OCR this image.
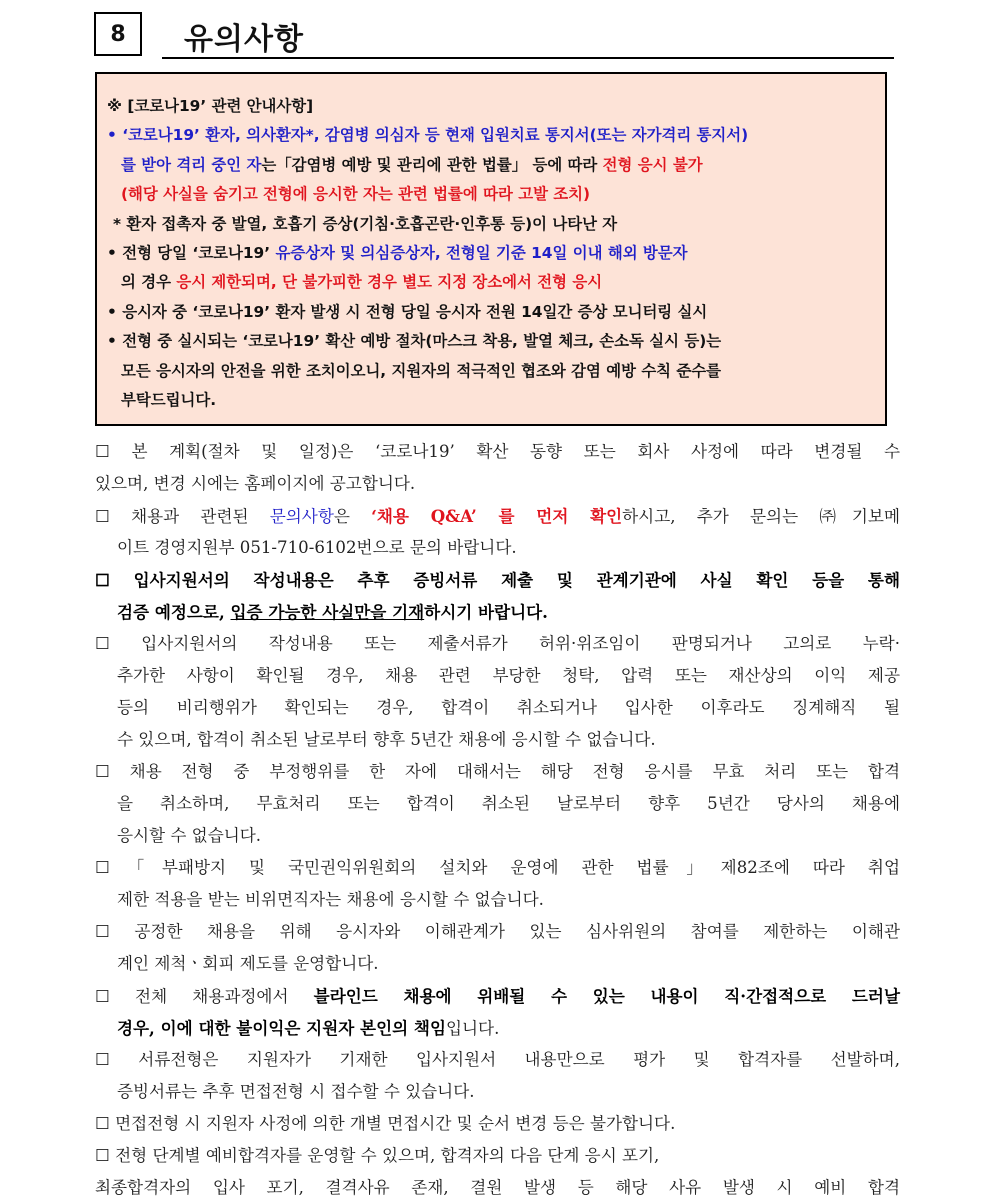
8	유의사항
※ [코로나19’ 관련 안내사항]
• ‘코로나19’ 환자, 의사환자*, 감염병 의심자 등 현재 입원치료 통지서(또는 자가격리 통지서)
를 받아 격리 중인 자는「감염병 예방 및 관리에 관한 법률」 등에 따라 전형 응시 불가
(해당 사실을 숨기고 전형에 응시한 자는 관련 법률에 따라 고발 조치)
* 환자 접촉자 중 발열, 호흡기 증상(기침·호흡곤란·인후통 등)이 나타난 자
• 전형 당일 ‘코로나19’ 유증상자 및 의심증상자, 전형일 기준 14일 이내 해외 방문자
의 경우 응시 제한되며, 단 불가피한 경우 별도 지정 장소에서 전형 응시
• 응시자 중 ‘코로나19’ 환자 발생 시 전형 당일 응시자 전원 14일간 증상 모니터링 실시
• 전형 중 실시되는 ‘코로나19’ 확산 예방 절차(마스크 착용, 발열 체크, 손소독 실시 등)는
모든 응시자의 안전을 위한 조치이오니, 지원자의 적극적인 협조와 감염 예방 수칙 준수를
부탁드립니다.
☐ 본 계획(절차 및 일정)은 ‘코로나19’ 확산 동향 또는 회사 사정에 따라 변경될 수
있으며, 변경 시에는 홈페이지에 공고합니다.
☐ 채용과 관련된 문의사항은 ‘채용 Q&A’ 를 먼저 확인하시고, 추가 문의는 ㈜기보메
이트 경영지원부 051-710-6102번으로 문의 바랍니다.
☐ 입사지원서의 작성내용은 추후 증빙서류 제출 및 관계기관에 사실 확인 등을 통해
검증 예정으로, 입증 가능한 사실만을 기재하시기 바랍니다.
☐ 입사지원서의 작성내용 또는 제출서류가 허위·위조임이 판명되거나 고의로 누락·
추가한 사항이 확인될 경우, 채용 관련 부당한 청탁, 압력 또는 재산상의 이익 제공
등의 비리행위가 확인되는 경우, 합격이 취소되거나 입사한 이후라도 징계해직 될
수 있으며, 합격이 취소된 날로부터 향후 5년간 채용에 응시할 수 없습니다.
☐ 채용 전형 중 부정행위를 한 자에 대해서는 해당 전형 응시를 무효 처리 또는 합격
을 취소하며, 무효처리 또는 합격이 취소된 날로부터 향후 5년간 당사의 채용에
응시할 수 없습니다.
☐「부패방지 및 국민권익위원회의 설치와 운영에 관한 법률」제82조에 따라 취업
제한 적용을 받는 비위면직자는 채용에 응시할 수 없습니다.
☐ 공정한 채용을 위해 응시자와 이해관계가 있는 심사위원의 참여를 제한하는 이해관
계인 제척ㆍ회피 제도를 운영합니다.
☐ 전체 채용과정에서 블라인드 채용에 위배될 수 있는 내용이 직·간접적으로 드러날
경우, 이에 대한 불이익은 지원자 본인의 책임입니다.
☐ 서류전형은 지원자가 기재한 입사지원서 내용만으로 평가 및 합격자를 선발하며,
증빙서류는 추후 면접전형 시 접수할 수 있습니다.
☐ 면접전형 시 지원자 사정에 의한 개별 면접시간 및 순서 변경 등은 불가합니다.
☐ 전형 단계별 예비합격자를 운영할 수 있으며, 합격자의 다음 단계 응시 포기,
최종합격자의 입사 포기, 결격사유 존재, 결원 발생 등 해당 사유 발생 시 예비 합격
